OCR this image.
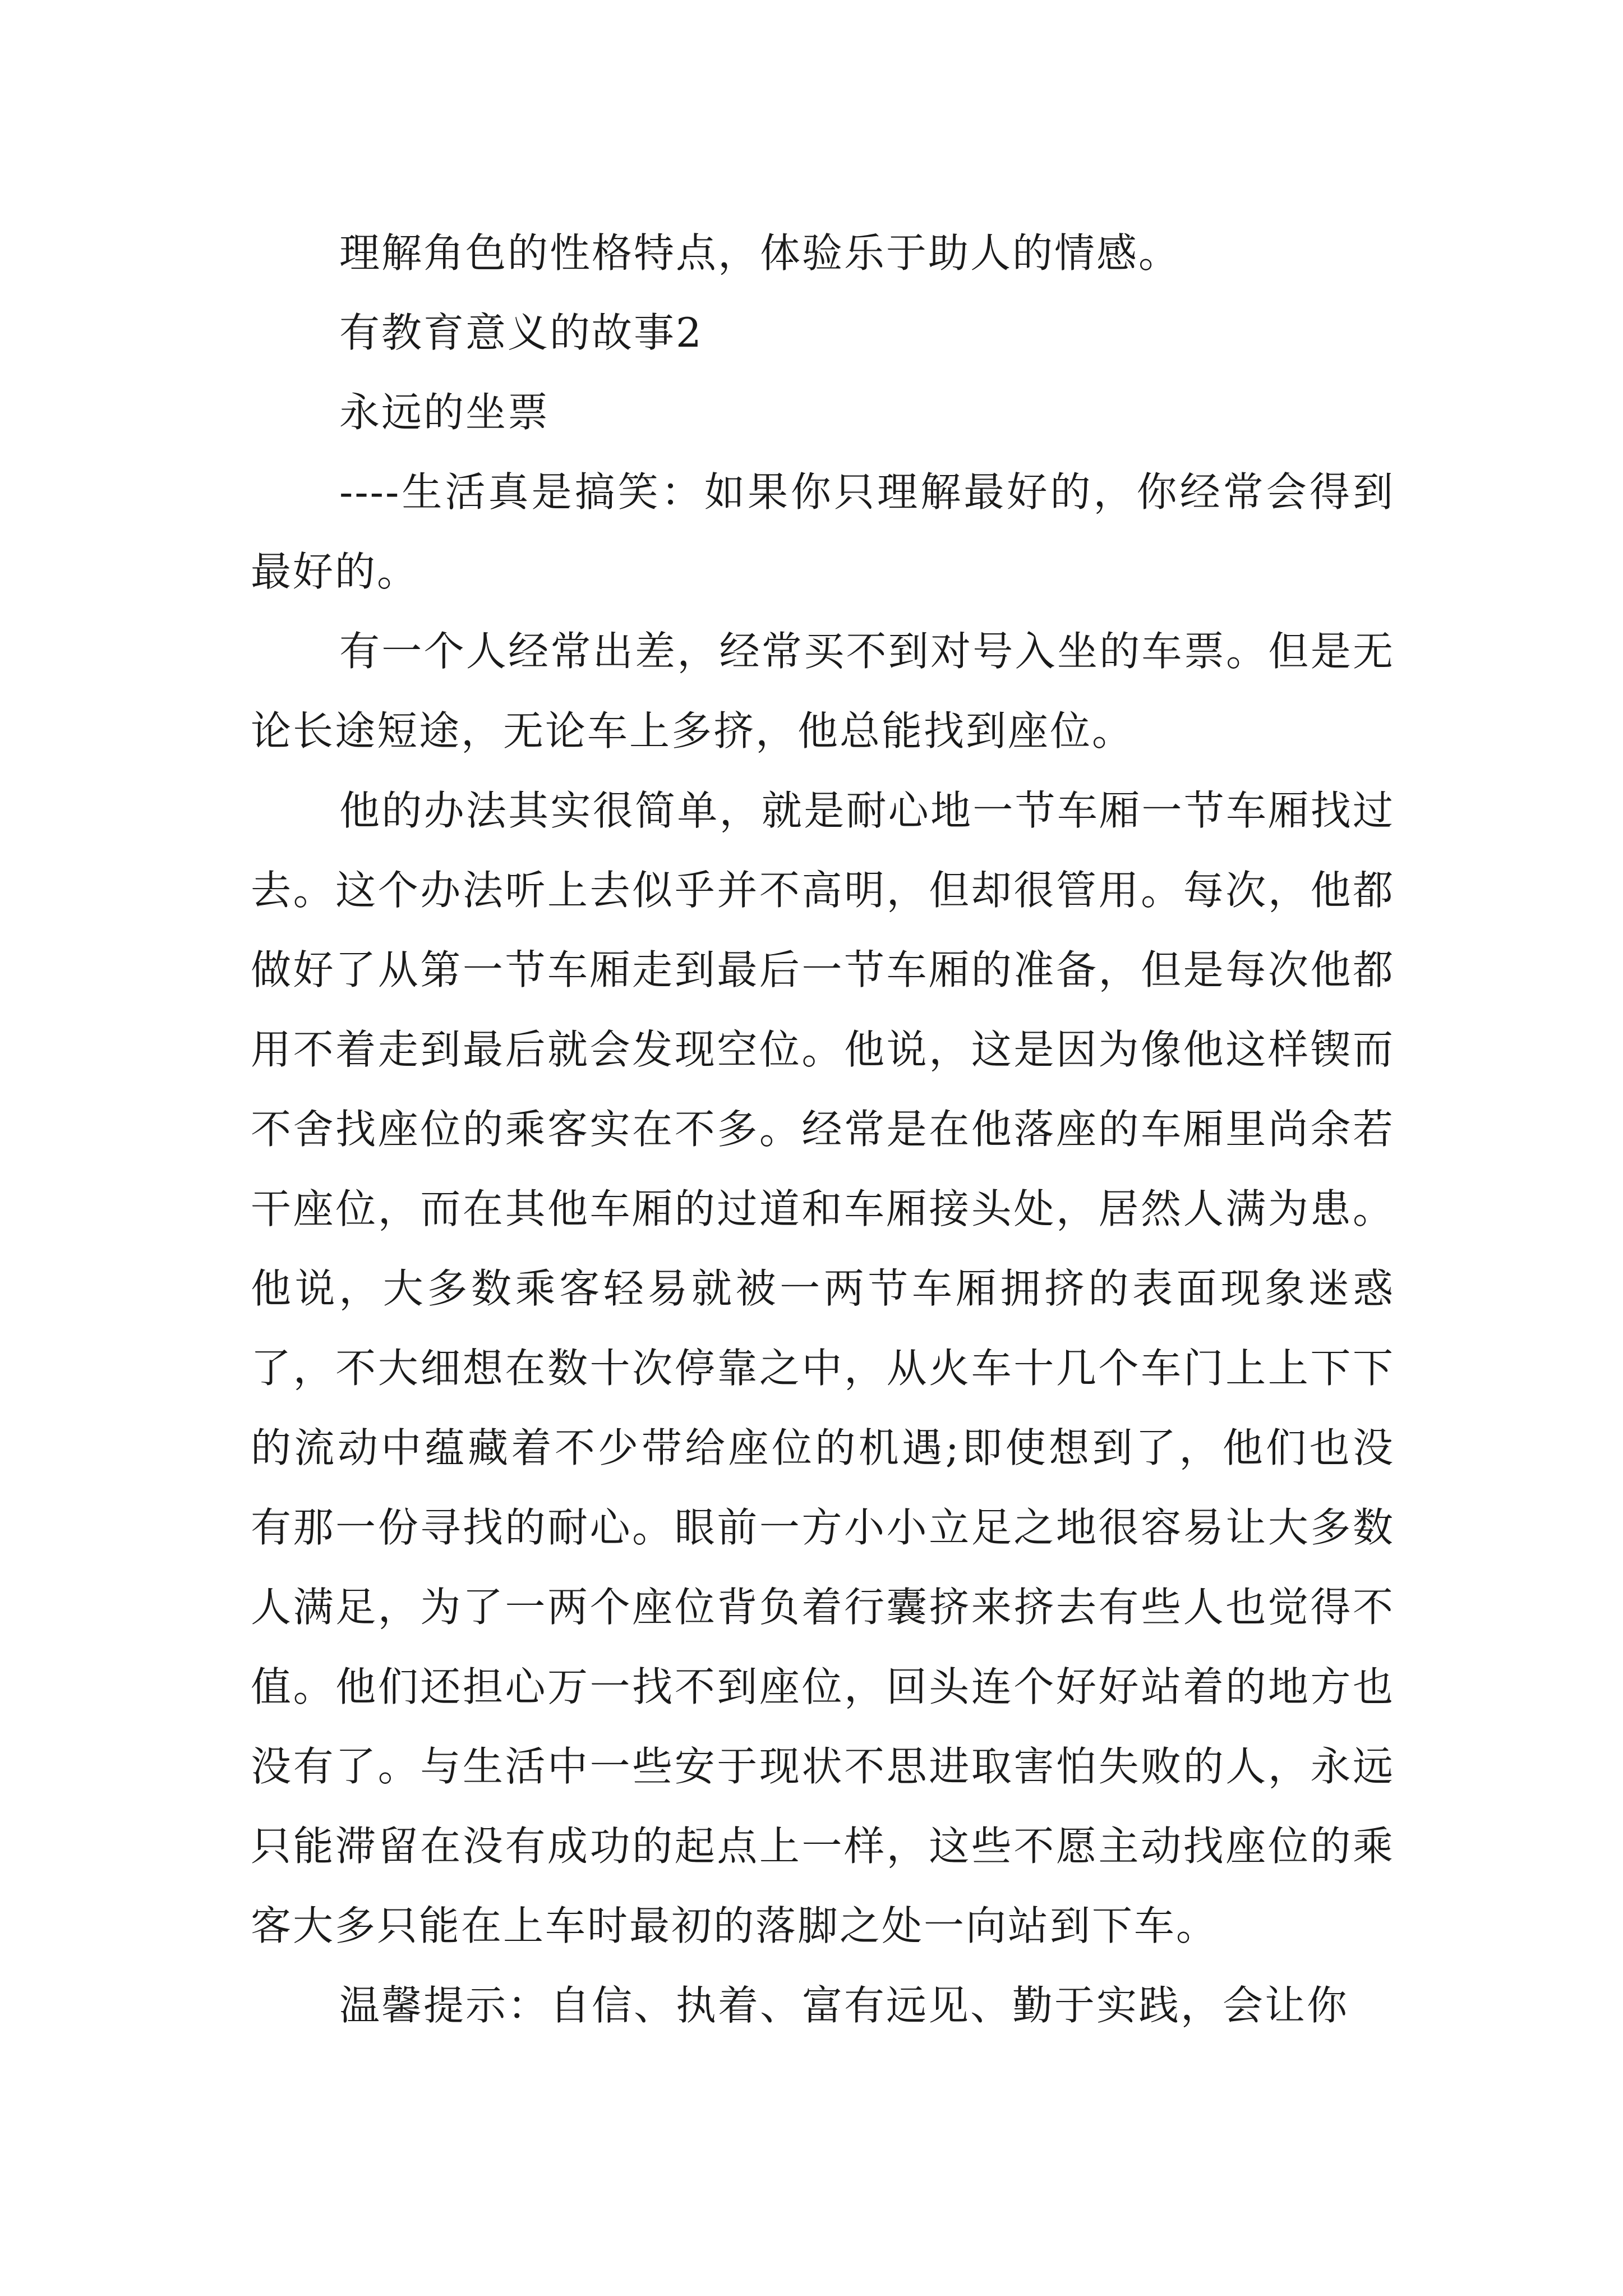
理解角色的性格特点，体验乐于助人的情感。

有教育意义的故事2

永远的坐票

----生活真是搞笑：如果你只理解最好的，你经常会得到最好的。

有一个人经常出差，经常买不到对号入坐的车票。但是无论长途短途，无论车上多挤，他总能找到座位。

他的办法其实很简单，就是耐心地一节车厢一节车厢找过去。这个办法听上去似乎并不高明，但却很管用。每次，他都做好了从第一节车厢走到最后一节车厢的准备，但是每次他都用不着走到最后就会发现空位。他说，这是因为像他这样锲而不舍找座位的乘客实在不多。经常是在他落座的车厢里尚余若干座位，而在其他车厢的过道和车厢接头处，居然人满为患。他说，大多数乘客轻易就被一两节车厢拥挤的表面现象迷惑了，不大细想在数十次停靠之中，从火车十几个车门上上下下的流动中蕴藏着不少带给座位的机遇;即使想到了，他们也没有那一份寻找的耐心。眼前一方小小立足之地很容易让大多数人满足，为了一两个座位背负着行囊挤来挤去有些人也觉得不值。他们还担心万一找不到座位，回头连个好好站着的地方也没有了。与生活中一些安于现状不思进取害怕失败的人，永远只能滞留在没有成功的起点上一样，这些不愿主动找座位的乘客大多只能在上车时最初的落脚之处一向站到下车。

温馨提示：自信、执着、富有远见、勤于实践，会让你
